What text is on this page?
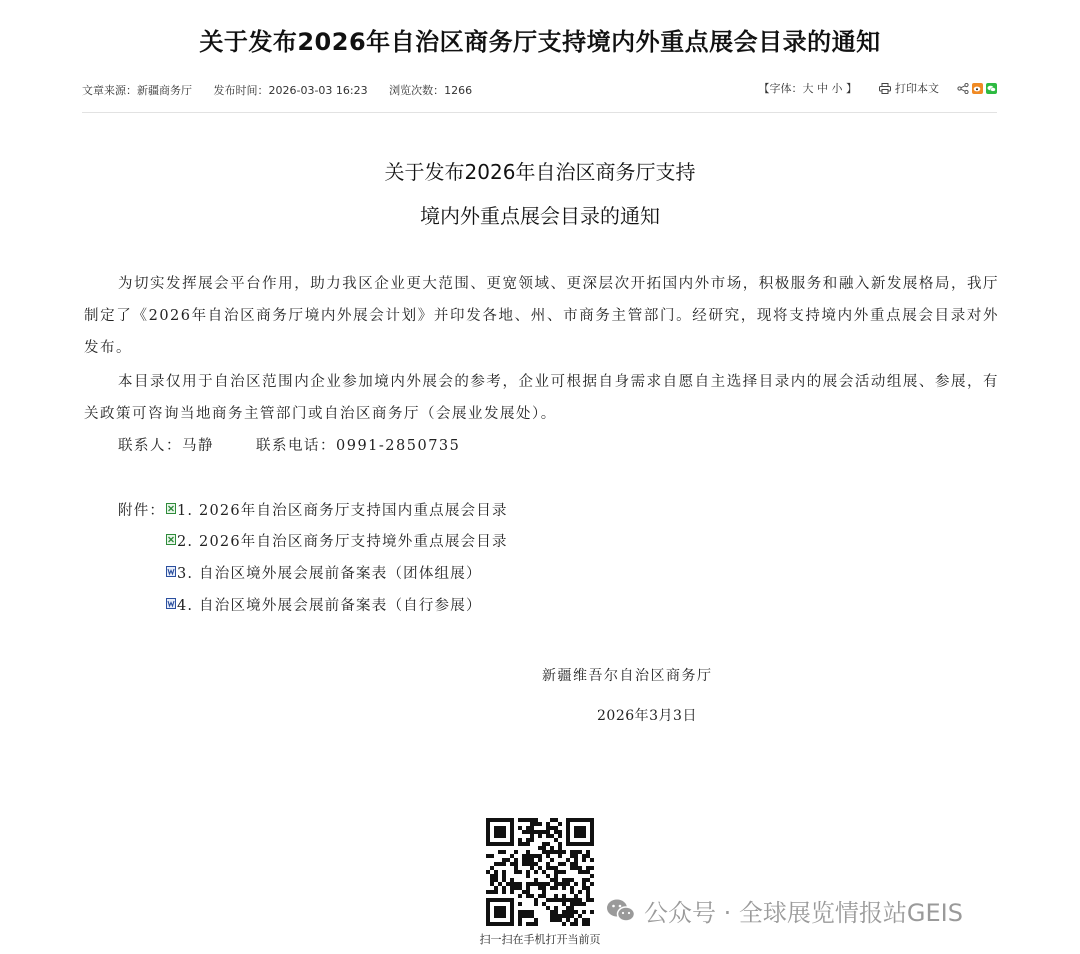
关于发布2026年自治区商务厅支持境内外重点展会目录的通知
文章来源：新疆商务厅 发布时间：2026-03-03 16:23 浏览次数：1266	【字体：大 中 小 】	打印本文
关于发布2026年自治区商务厅支持
境内外重点展会目录的通知

为切实发挥展会平台作用，助力我区企业更大范围、更宽领域、更深层次开拓国内外市场，积极服务和融入新发展格局，我厅制定了《2026年自治区商务厅境内外展会计划》并印发各地、州、市商务主管部门。经研究，现将支持境内外重点展会目录对外发布。

本目录仅用于自治区范围内企业参加境内外展会的参考，企业可根据自身需求自愿自主选择目录内的展会活动组展、参展，有关政策可咨询当地商务主管部门或自治区商务厅（会展业发展处）。

联系人：马静	联系电话：0991-2850735
附件： 1. 2026年自治区商务厅支持国内重点展会目录
2. 2026年自治区商务厅支持境外重点展会目录
3. 自治区境外展会展前备案表（团体组展）
4. 自治区境外展会展前备案表（自行参展）
新疆维吾尔自治区商务厅
2026年3月3日
扫一扫在手机打开当前页
公众号 · 全球展览情报站GEIS
